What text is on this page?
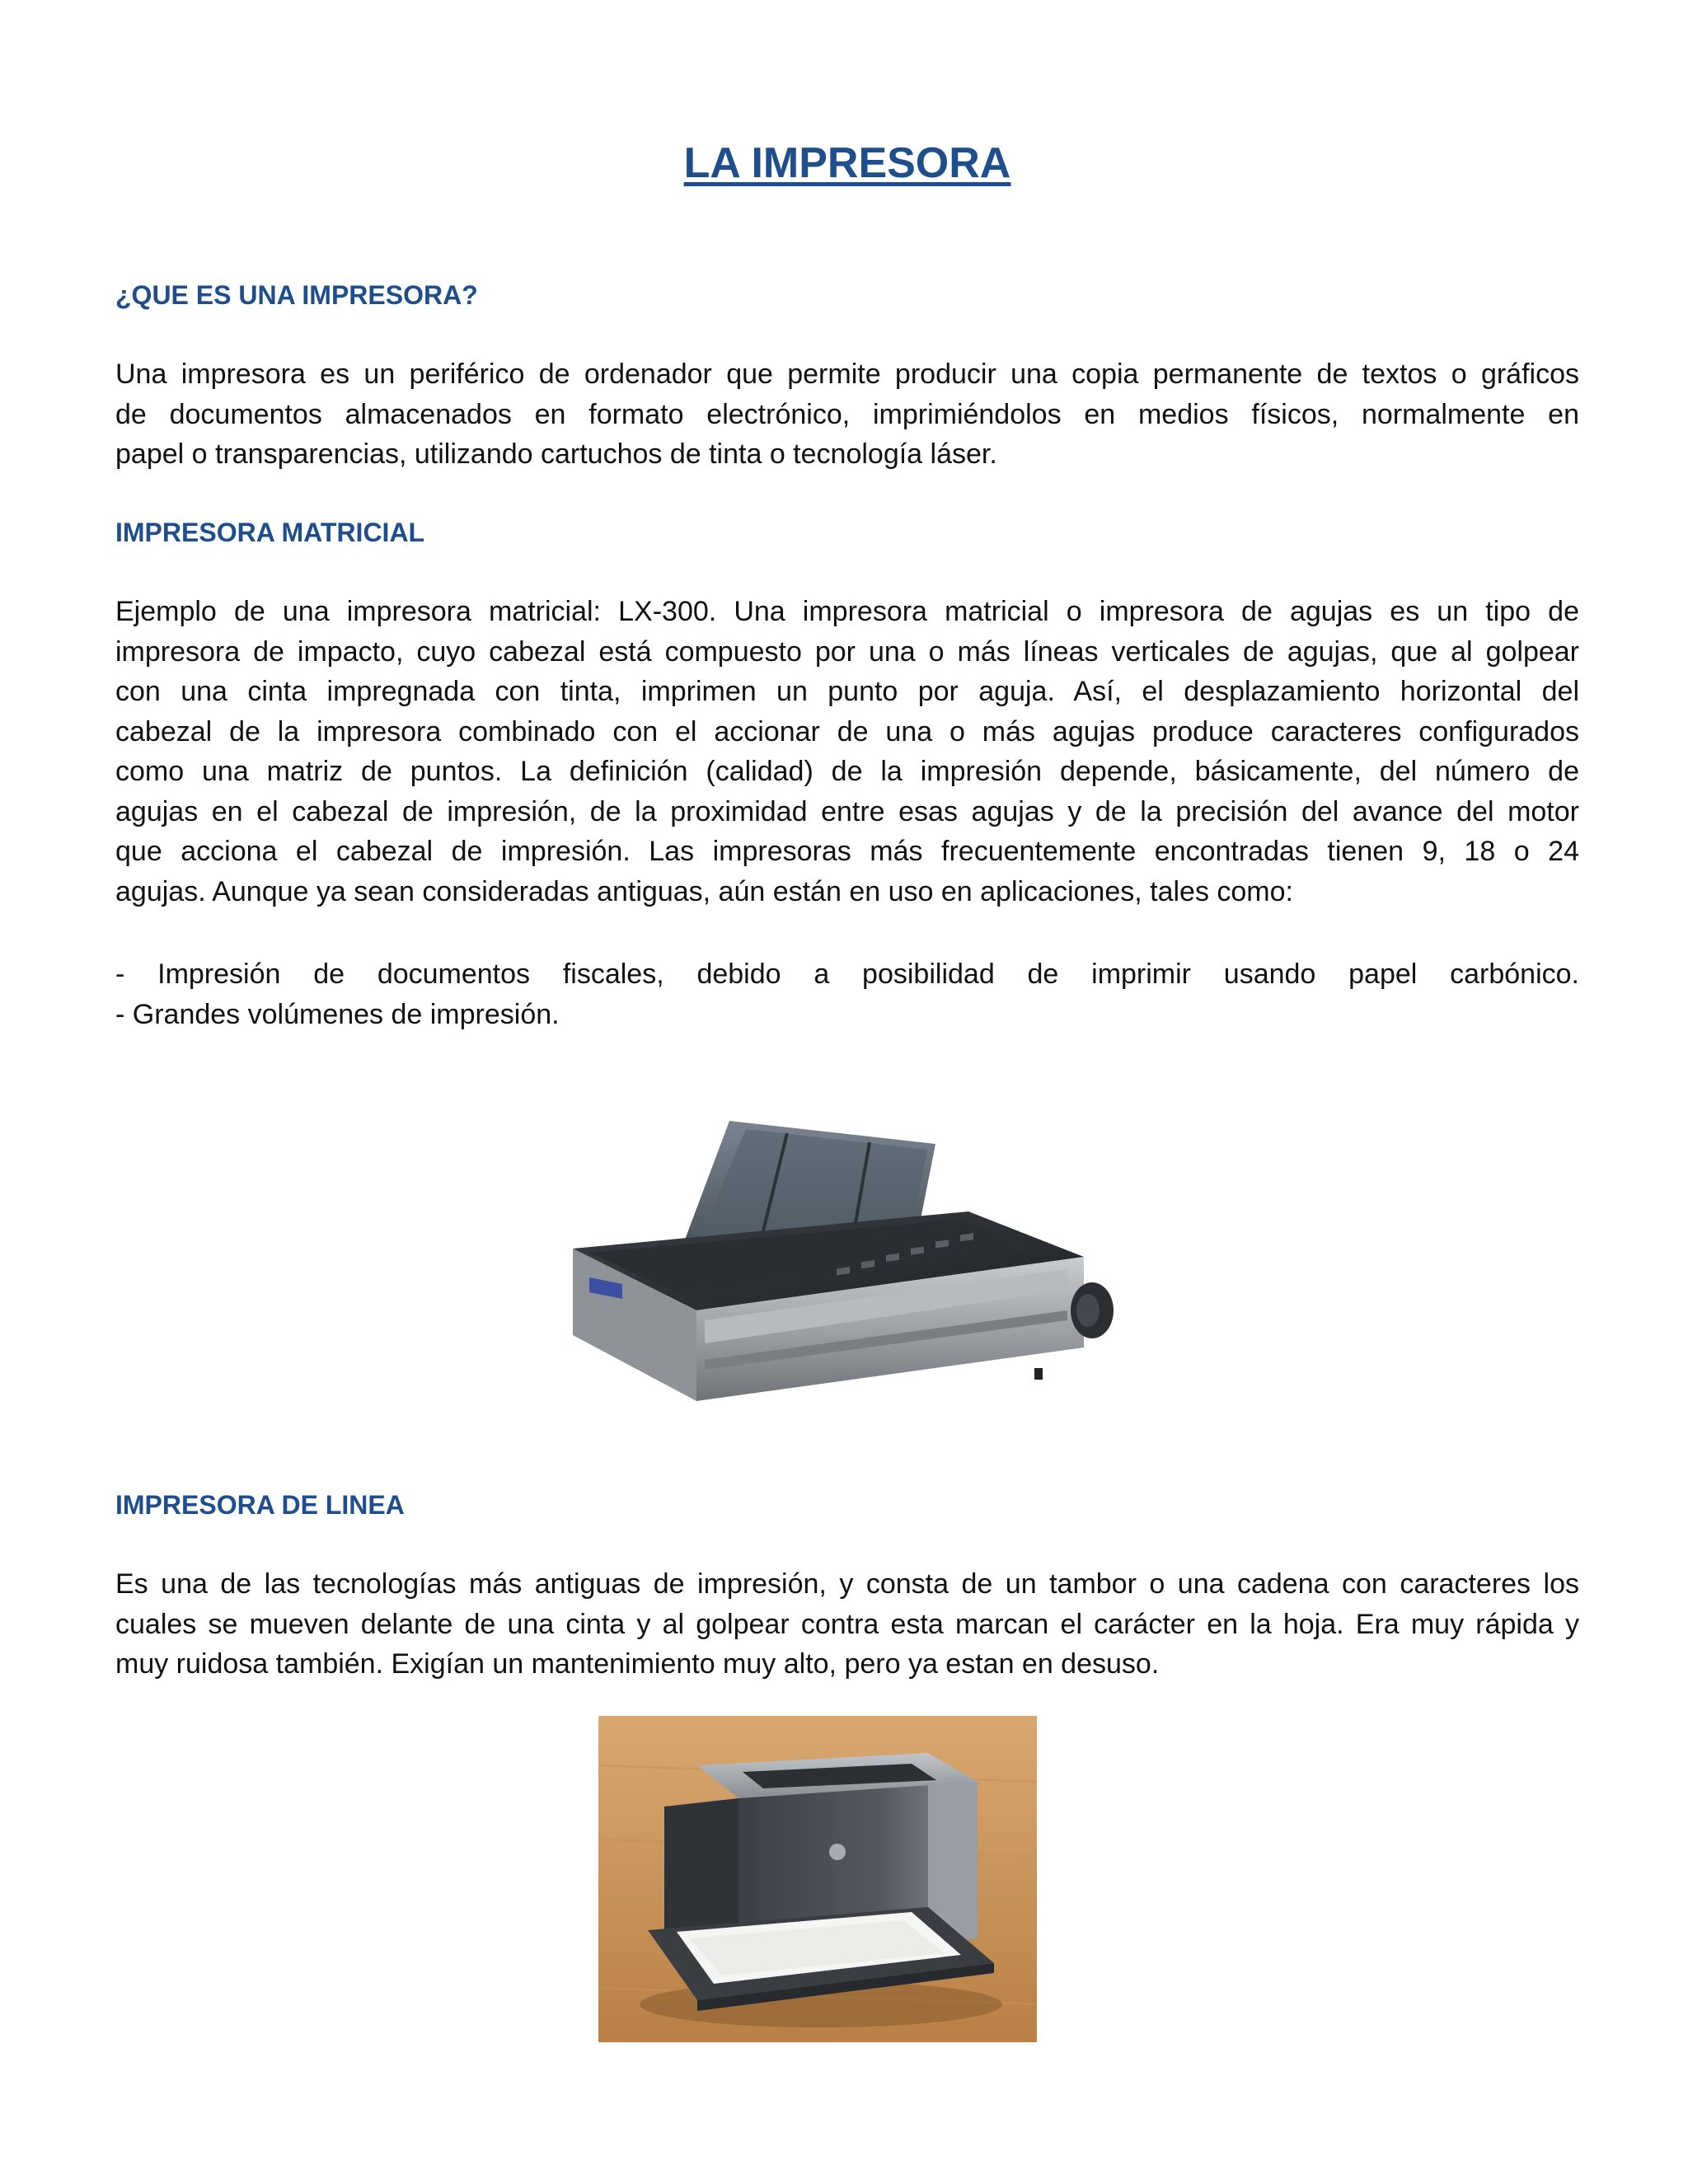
LA IMPRESORA
¿QUE ES UNA IMPRESORA?

Una impresora es un periférico de ordenador que permite producir una copia permanente de textos o gráficos
de documentos almacenados en formato electrónico, imprimiéndolos en medios físicos, normalmente en
papel o transparencias, utilizando cartuchos de tinta o tecnología láser.

IMPRESORA MATRICIAL

Ejemplo de una impresora matricial: LX-300. Una impresora matricial o impresora de agujas es un tipo de
impresora de impacto, cuyo cabezal está compuesto por una o más líneas verticales de agujas, que al golpear
con una cinta impregnada con tinta, imprimen un punto por aguja. Así, el desplazamiento horizontal del
cabezal de la impresora combinado con el accionar de una o más agujas produce caracteres configurados
como una matriz de puntos. La definición (calidad) de la impresión depende, básicamente, del número de
agujas en el cabezal de impresión, de la proximidad entre esas agujas y de la precisión del avance del motor
que acciona el cabezal de impresión. Las impresoras más frecuentemente encontradas tienen 9, 18 o 24
agujas. Aunque ya sean consideradas antiguas, aún están en uso en aplicaciones, tales como:

- Impresión de documentos fiscales, debido a posibilidad de imprimir usando papel carbónico.
- Grandes volúmenes de impresión.

IMPRESORA DE LINEA

Es una de las tecnologías más antiguas de impresión, y consta de un tambor o una cadena con caracteres los
cuales se mueven delante de una cinta y al golpear contra esta marcan el carácter en la hoja. Era muy rápida y
muy ruidosa también. Exigían un mantenimiento muy alto, pero ya estan en desuso.
